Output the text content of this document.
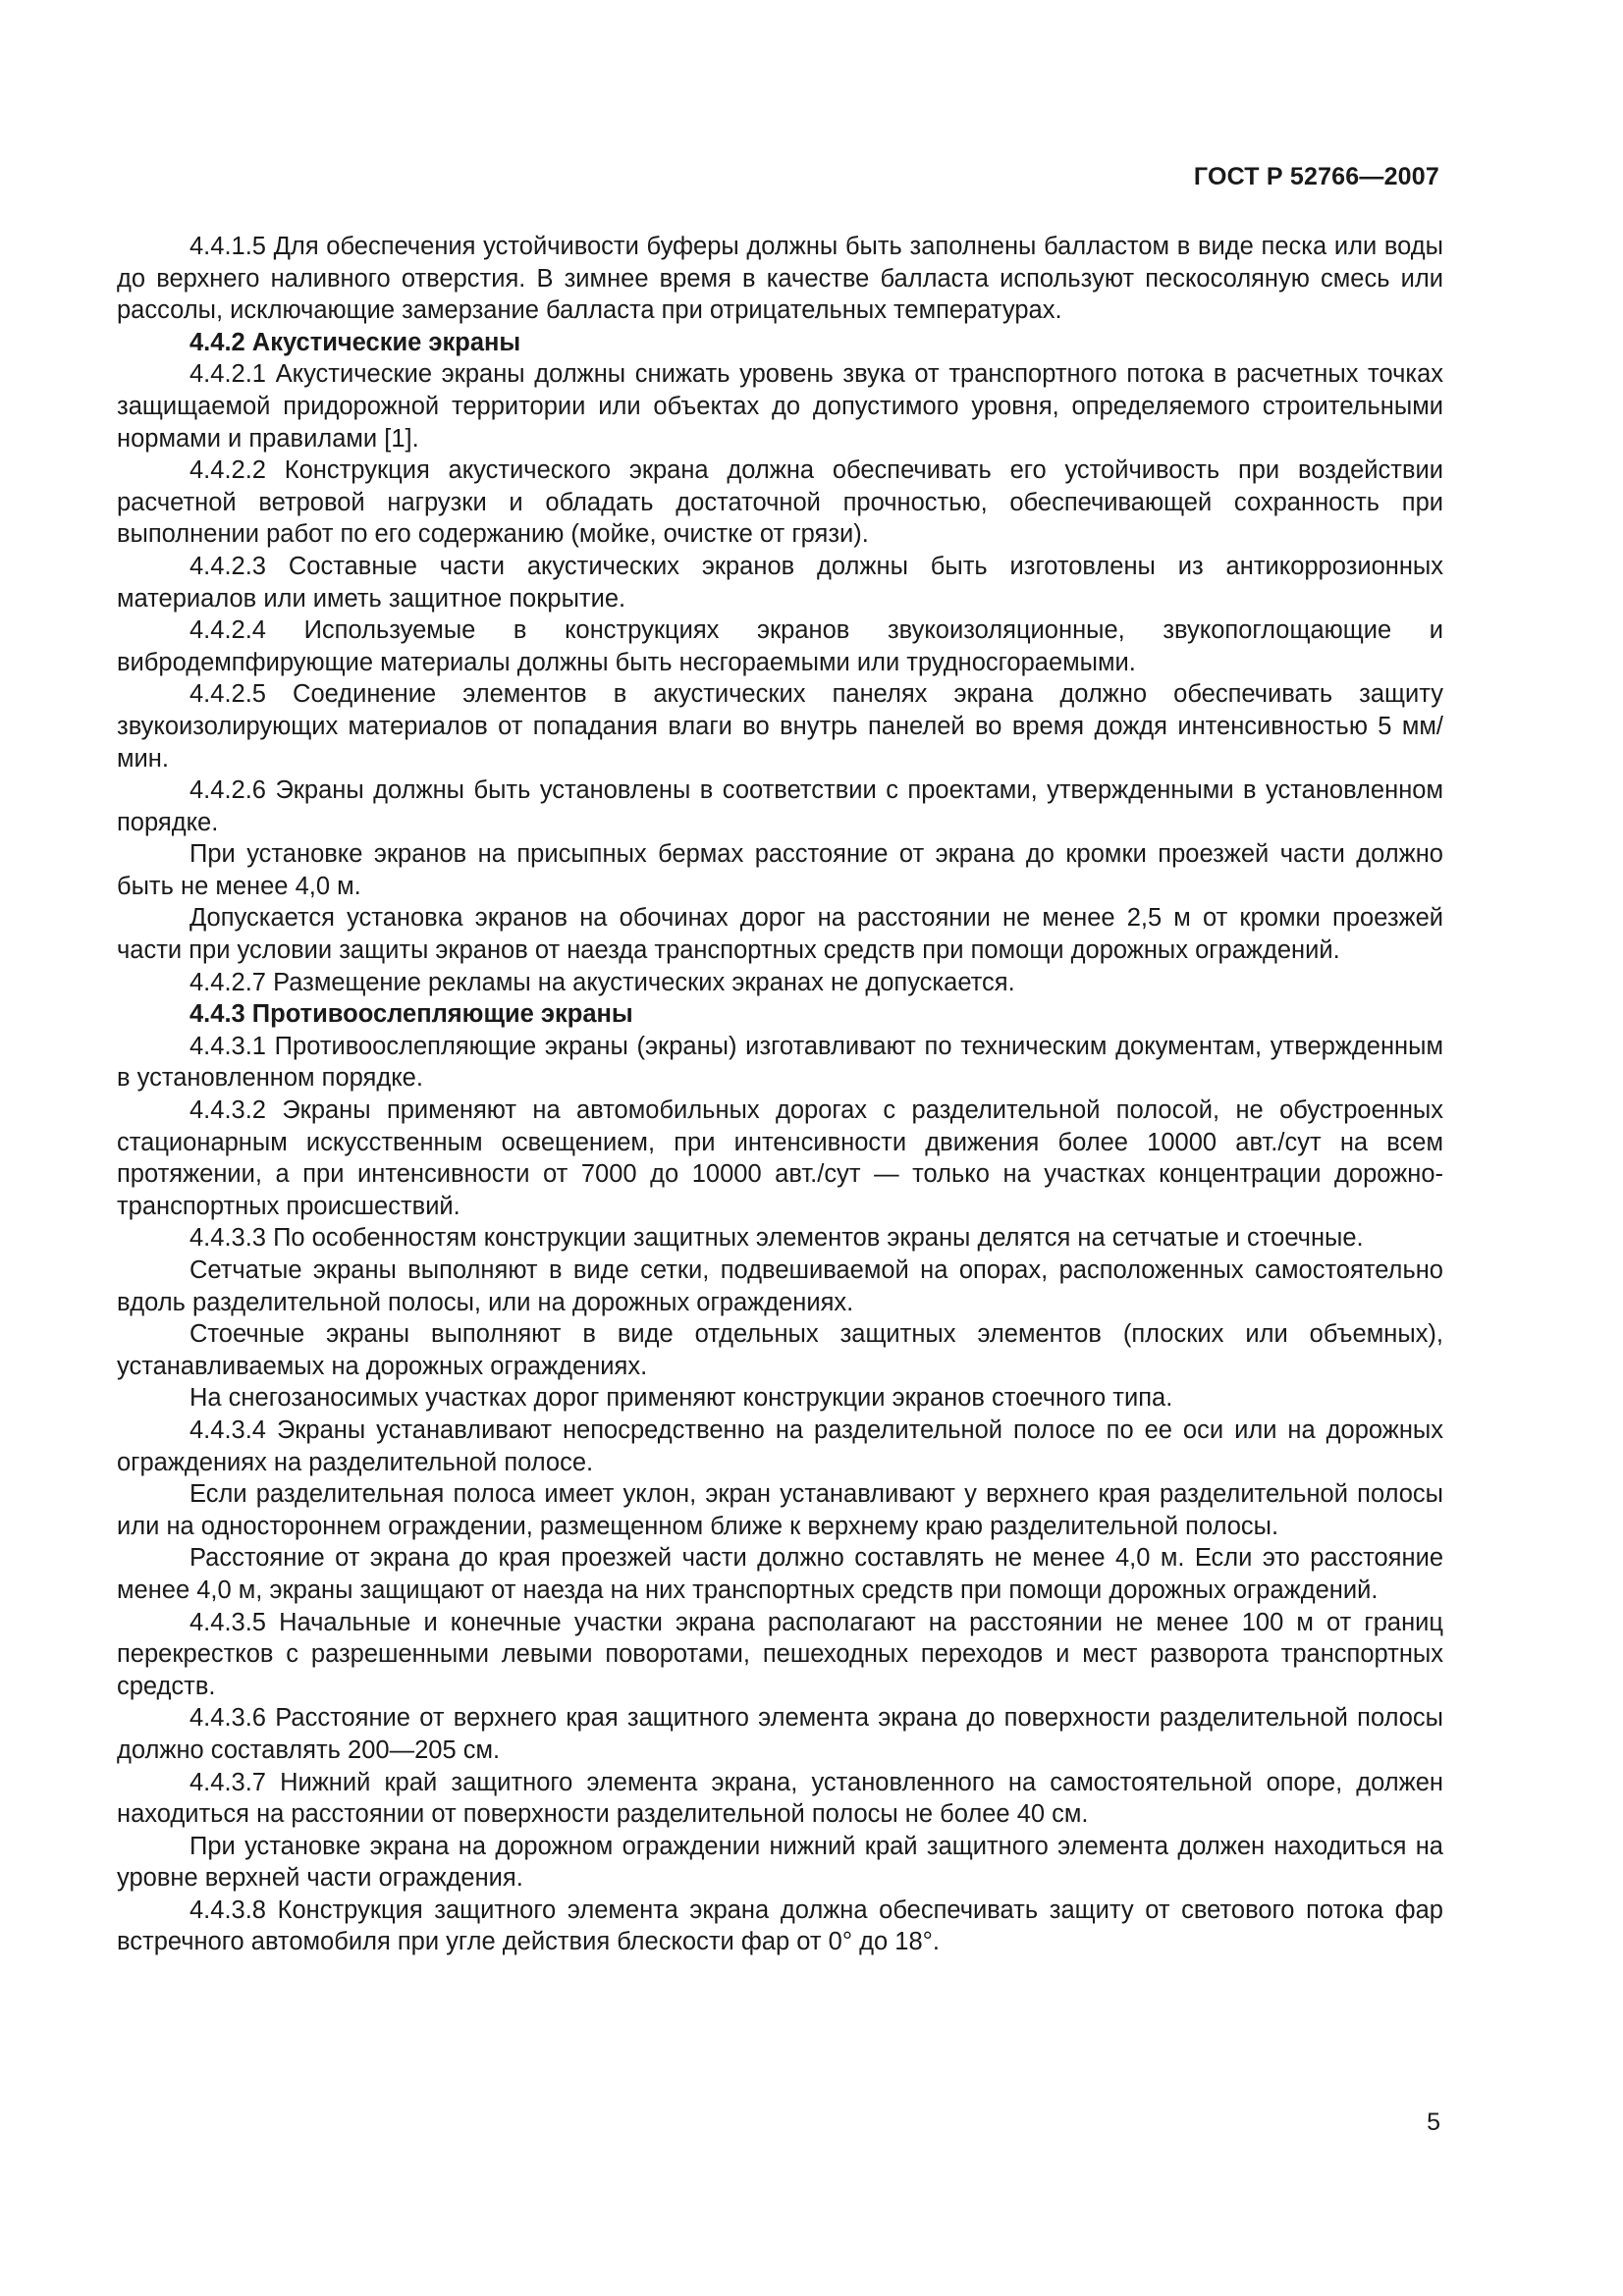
ГОСТ Р 52766—2007

4.4.1.5 Для обеспечения устойчивости буферы должны быть заполнены балластом в виде песка или воды до верхнего наливного отверстия. В зимнее время в качестве балласта используют пескосоляную смесь или рассолы, исключающие замерзание балласта при отрицательных температурах.

4.4.2 Акустические экраны

4.4.2.1 Акустические экраны должны снижать уровень звука от транспортного потока в расчетных точках защищаемой придорожной территории или объектах до допустимого уровня, определяемого строительными нормами и правилами [1].

4.4.2.2 Конструкция акустического экрана должна обеспечивать его устойчивость при воздействии расчетной ветровой нагрузки и обладать достаточной прочностью, обеспечивающей сохранность при выполнении работ по его содержанию (мойке, очистке от грязи).

4.4.2.3 Составные части акустических экранов должны быть изготовлены из антикоррозионных материалов или иметь защитное покрытие.

4.4.2.4 Используемые в конструкциях экранов звукоизоляционные, звукопоглощающие и вибродемпфирующие материалы должны быть несгораемыми или трудносгораемыми.

4.4.2.5 Соединение элементов в акустических панелях экрана должно обеспечивать защиту звукоизолирующих материалов от попадания влаги во внутрь панелей во время дождя интенсивностью 5 мм/мин.

4.4.2.6 Экраны должны быть установлены в соответствии с проектами, утвержденными в установленном порядке.

При установке экранов на присыпных бермах расстояние от экрана до кромки проезжей части должно быть не менее 4,0 м.

Допускается установка экранов на обочинах дорог на расстоянии не менее 2,5 м от кромки проезжей части при условии защиты экранов от наезда транспортных средств при помощи дорожных ограждений.

4.4.2.7 Размещение рекламы на акустических экранах не допускается.

4.4.3 Противоослепляющие экраны

4.4.3.1 Противоослепляющие экраны (экраны) изготавливают по техническим документам, утвержденным в установленном порядке.

4.4.3.2 Экраны применяют на автомобильных дорогах с разделительной полосой, не обустроенных стационарным искусственным освещением, при интенсивности движения более 10000 авт./сут на всем протяжении, а при интенсивности от 7000 до 10000 авт./сут — только на участках концентрации дорожно-транспортных происшествий.

4.4.3.3 По особенностям конструкции защитных элементов экраны делятся на сетчатые и стоечные.

Сетчатые экраны выполняют в виде сетки, подвешиваемой на опорах, расположенных самостоятельно вдоль разделительной полосы, или на дорожных ограждениях.

Стоечные экраны выполняют в виде отдельных защитных элементов (плоских или объемных), устанавливаемых на дорожных ограждениях.

На снегозаносимых участках дорог применяют конструкции экранов стоечного типа.

4.4.3.4 Экраны устанавливают непосредственно на разделительной полосе по ее оси или на дорожных ограждениях на разделительной полосе.

Если разделительная полоса имеет уклон, экран устанавливают у верхнего края разделительной полосы или на одностороннем ограждении, размещенном ближе к верхнему краю разделительной полосы.

Расстояние от экрана до края проезжей части должно составлять не менее 4,0 м. Если это расстояние менее 4,0 м, экраны защищают от наезда на них транспортных средств при помощи дорожных ограждений.

4.4.3.5 Начальные и конечные участки экрана располагают на расстоянии не менее 100 м от границ перекрестков с разрешенными левыми поворотами, пешеходных переходов и мест разворота транспортных средств.

4.4.3.6 Расстояние от верхнего края защитного элемента экрана до поверхности разделительной полосы должно составлять 200—205 см.

4.4.3.7 Нижний край защитного элемента экрана, установленного на самостоятельной опоре, должен находиться на расстоянии от поверхности разделительной полосы не более 40 см.

При установке экрана на дорожном ограждении нижний край защитного элемента должен находиться на уровне верхней части ограждения.

4.4.3.8 Конструкция защитного элемента экрана должна обеспечивать защиту от светового потока фар встречного автомобиля при угле действия блескости фар от 0° до 18°.

5
